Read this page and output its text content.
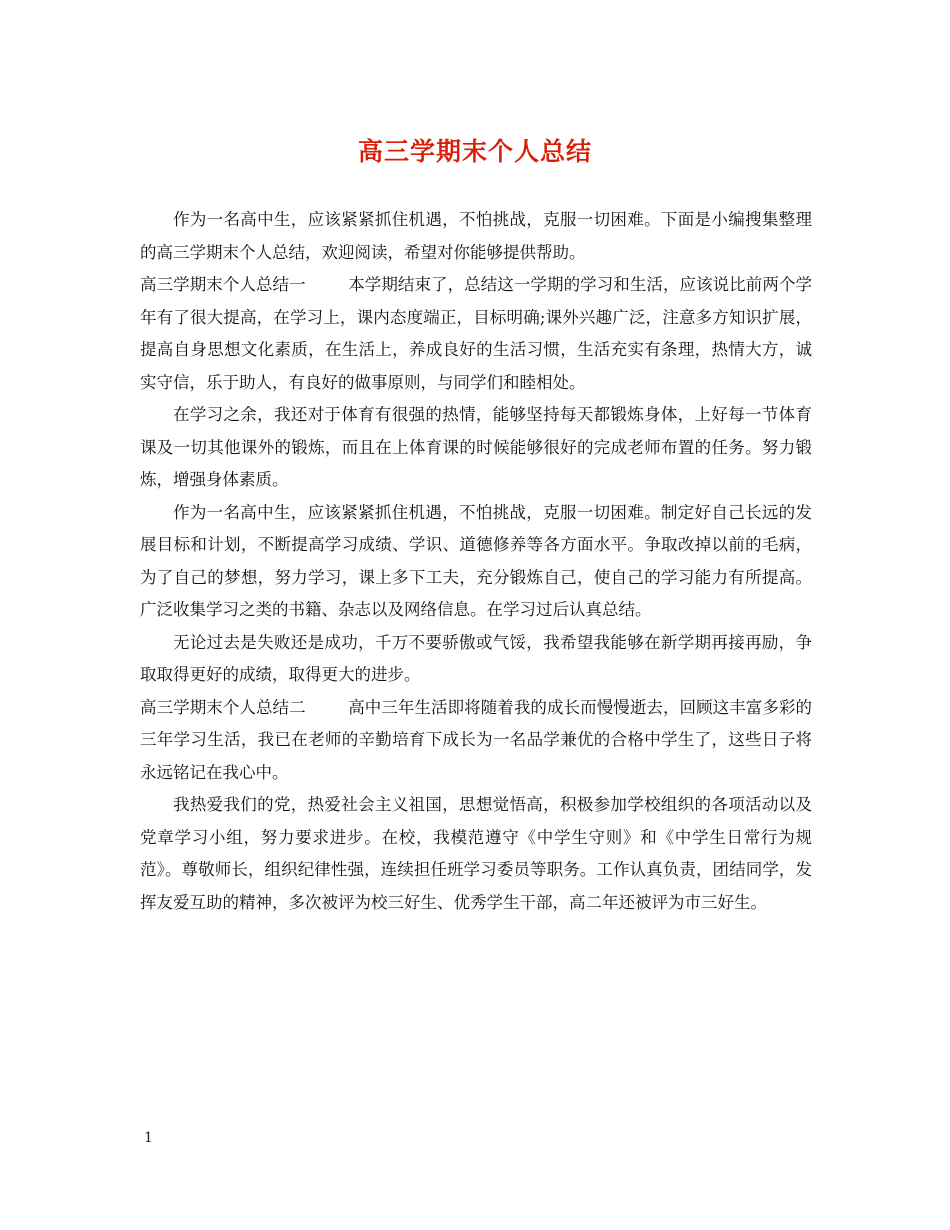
高三学期末个人总结

作为一名高中生，应该紧紧抓住机遇，不怕挑战，克服一切困难。下面是小编搜集整理的高三学期末个人总结，欢迎阅读，希望对你能够提供帮助。

高三学期末个人总结一	本学期结束了，总结这一学期的学习和生活，应该说比前两个学年有了很大提高，在学习上，课内态度端正，目标明确;课外兴趣广泛，注意多方知识扩展，提高自身思想文化素质，在生活上，养成良好的生活习惯，生活充实有条理，热情大方，诚实守信，乐于助人，有良好的做事原则，与同学们和睦相处。

在学习之余，我还对于体育有很强的热情，能够坚持每天都锻炼身体，上好每一节体育课及一切其他课外的锻炼，而且在上体育课的时候能够很好的完成老师布置的任务。努力锻炼，增强身体素质。

作为一名高中生，应该紧紧抓住机遇，不怕挑战，克服一切困难。制定好自己长远的发展目标和计划，不断提高学习成绩、学识、道德修养等各方面水平。争取改掉以前的毛病，为了自己的梦想，努力学习，课上多下工夫，充分锻炼自己，使自己的学习能力有所提高。广泛收集学习之类的书籍、杂志以及网络信息。在学习过后认真总结。

无论过去是失败还是成功，千万不要骄傲或气馁，我希望我能够在新学期再接再励，争取取得更好的成绩，取得更大的进步。

高三学期末个人总结二	高中三年生活即将随着我的成长而慢慢逝去，回顾这丰富多彩的三年学习生活，我已在老师的辛勤培育下成长为一名品学兼优的合格中学生了，这些日子将永远铭记在我心中。

我热爱我们的党，热爱社会主义祖国，思想觉悟高，积极参加学校组织的各项活动以及党章学习小组，努力要求进步。在校，我模范遵守《中学生守则》和《中学生日常行为规范》。尊敬师长，组织纪律性强，连续担任班学习委员等职务。工作认真负责，团结同学，发挥友爱互助的精神，多次被评为校三好生、优秀学生干部，高二年还被评为市三好生。

1
